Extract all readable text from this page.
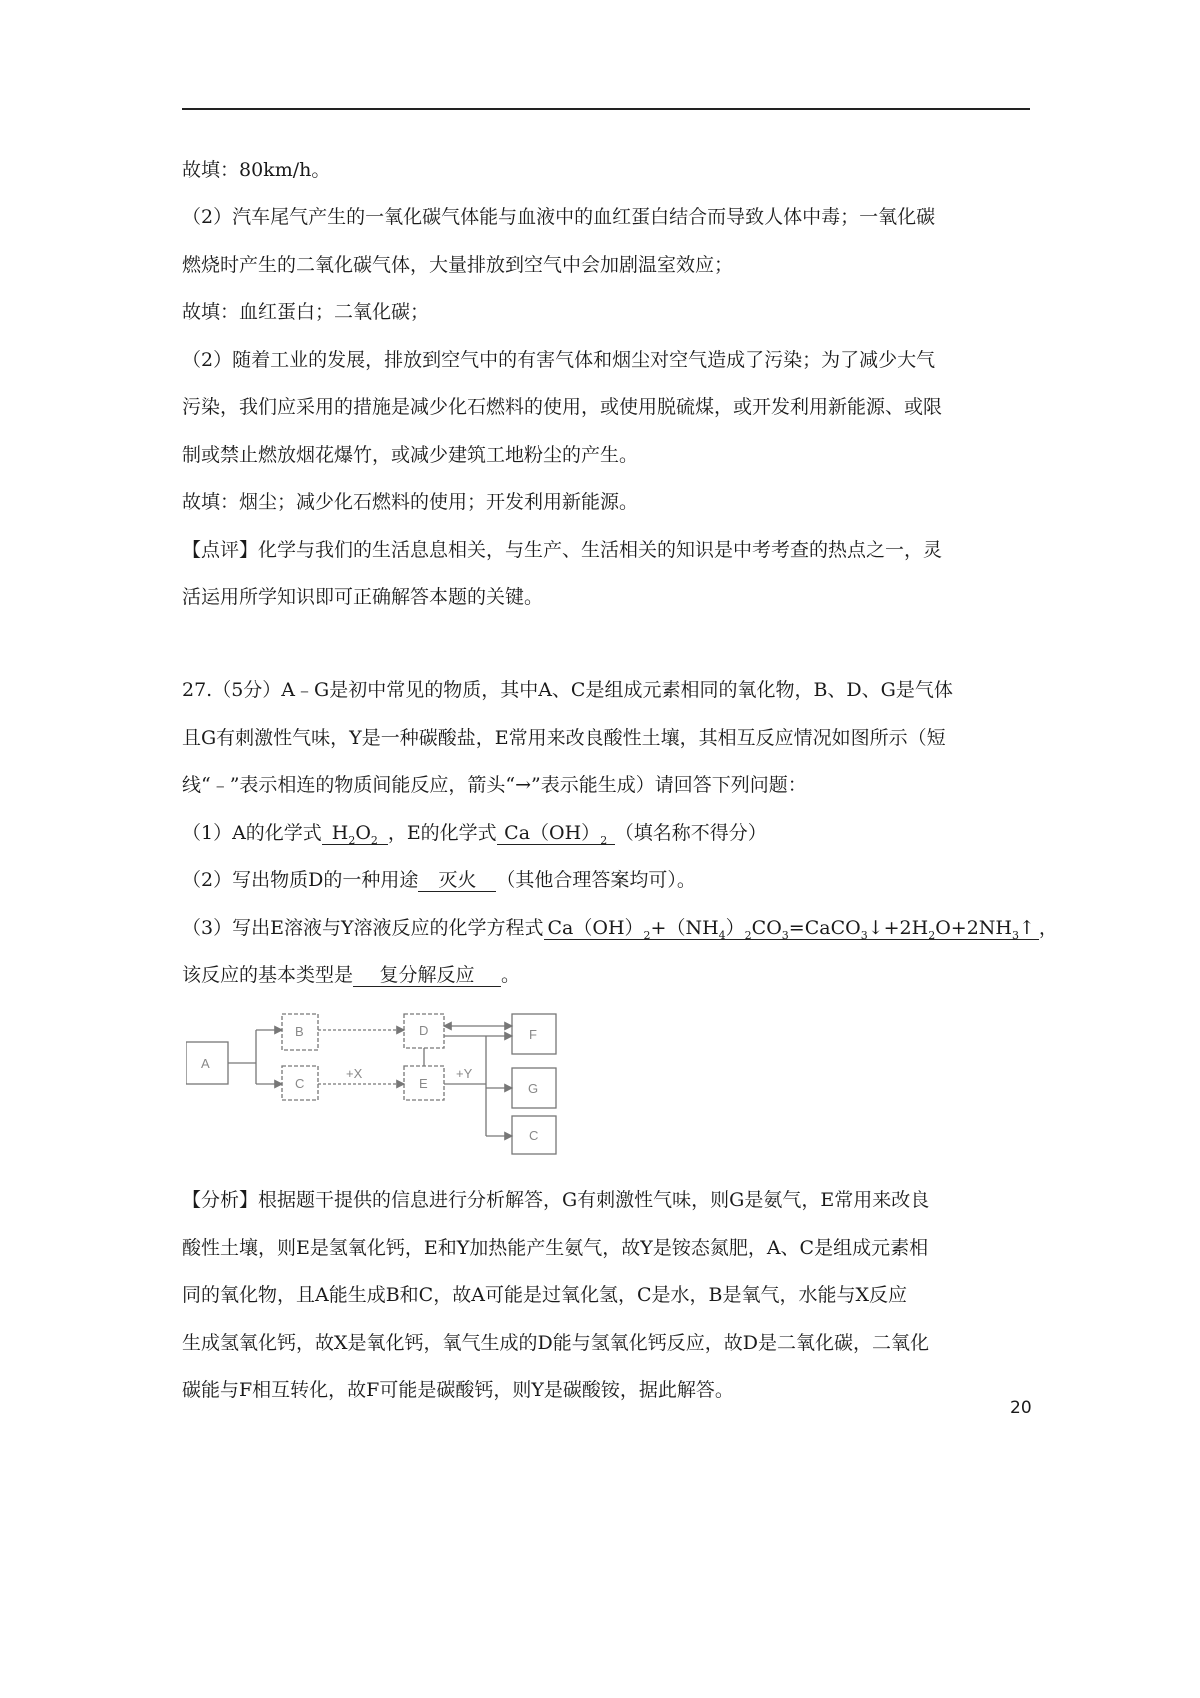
故填：80km/h。
（2）汽车尾气产生的一氧化碳气体能与血液中的血红蛋白结合而导致人体中毒；一氧化碳
燃烧时产生的二氧化碳气体，大量排放到空气中会加剧温室效应；
故填：血红蛋白；二氧化碳；
（2）随着工业的发展，排放到空气中的有害气体和烟尘对空气造成了污染；为了减少大气
污染，我们应采用的措施是减少化石燃料的使用，或使用脱硫煤，或开发利用新能源、或限
制或禁止燃放烟花爆竹，或减少建筑工地粉尘的产生。
故填：烟尘；减少化石燃料的使用；开发利用新能源。
【点评】化学与我们的生活息息相关，与生产、生活相关的知识是中考考查的热点之一，灵
活运用所学知识即可正确解答本题的关键。
27.（5分）A﹣G是初中常见的物质，其中A、C是组成元素相同的氧化物，B、D、G是气体
且G有刺激性气味，Y是一种碳酸盐，E常用来改良酸性土壤，其相互反应情况如图所示（短
线“﹣”表示相连的物质间能反应，箭头“→”表示能生成）请回答下列问题：
（1）A的化学式 $H_2O_2$ ，E的化学式 $Ca(OH)_2$ （填名称不得分）
（2）写出物质D的一种用途 灭火 （其他合理答案均可）。
（3）写出E溶液与Y溶液反应的化学方程式 $Ca(OH)_2+(NH_4)_2CO_3=CaCO_3↓+2H_2O+2NH_3↑$ ，
该反应的基本类型是 复分解反应 。
A
B
C
D
E
F
G
C
+X	+Y
【分析】根据题干提供的信息进行分析解答，G有刺激性气味，则G是氨气，E常用来改良
酸性土壤，则E是氢氧化钙，E和Y加热能产生氨气，故Y是铵态氮肥，A、C是组成元素相
同的氧化物，且A能生成B和C，故A可能是过氧化氢，C是水，B是氧气，水能与X反应
生成氢氧化钙，故X是氧化钙，氧气生成的D能与氢氧化钙反应，故D是二氧化碳，二氧化
碳能与F相互转化，故F可能是碳酸钙，则Y是碳酸铵，据此解答。
20
